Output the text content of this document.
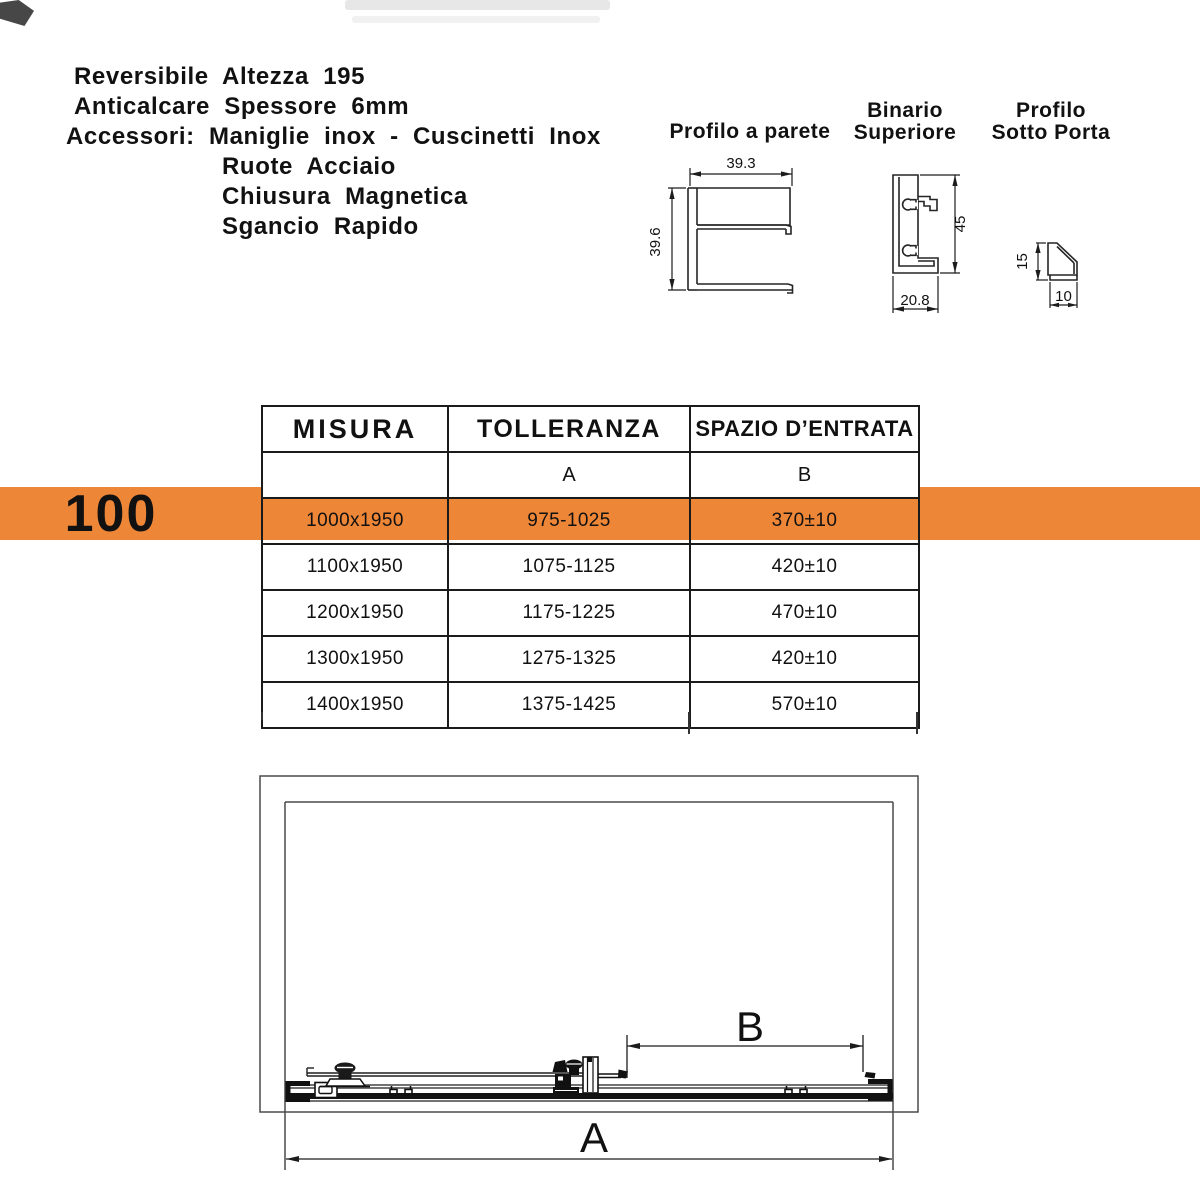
Reversibile Altezza 195
Anticalcare Spessore 6mm
Accessori: Maniglie inox - Cuscinetti Inox
Ruote Acciaio
Chiusura Magnetica
Sgancio Rapido
Profilo a parete
Binario
Superiore
Profilo
Sotto Porta
39.3
39.6
45
20.8
15
10
100
MISURA	TOLLERANZA	SPAZIO D’ENTRATA
	A	B
1000x1950	975-1025	370±10
1100x1950	1075-1125	420±10
1200x1950	1175-1225	470±10
1300x1950	1275-1325	420±10
1400x1950	1375-1425	570±10
B
A
